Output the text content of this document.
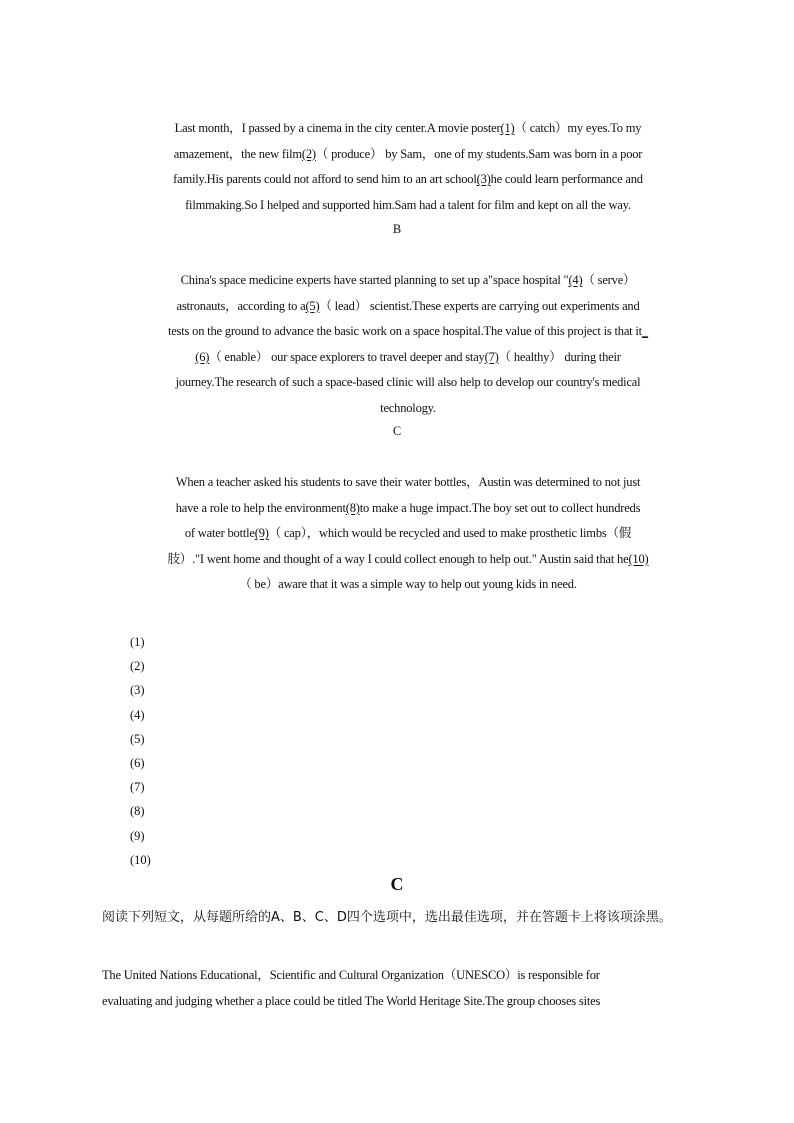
Last month，I passed by a cinema in the city center.A movie poster(1)（ catch）my eyes.To my
amazement，the new film(2)（ produce） by Sam，one of my students.Sam was born in a poor
family.His parents could not afford to send him to an art school(3)he could learn performance and
filmmaking.So I helped and supported him.Sam had a talent for film and kept on all the way.
B
China's space medicine experts have started planning to set up a"space hospital "(4)（ serve）
astronauts，according to a(5)（ lead） scientist.These experts are carrying out experiments and
tests on the ground to advance the basic work on a space hospital.The value of this project is that it_
(6)（ enable） our space explorers to travel deeper and stay(7)（ healthy） during their
journey.The research of such a space-based clinic will also help to develop our country's medical
technology.
C
When a teacher asked his students to save their water bottles，Austin was determined to not just
have a role to help the environment(8)to make a huge impact.The boy set out to collect hundreds
of water bottle(9)（ cap），which would be recycled and used to make prosthetic limbs（假
肢）."I went home and thought of a way I could collect enough to help out." Austin said that he(10)
（ be）aware that it was a simple way to help out young kids in need.
(1)
(2)
(3)
(4)
(5)
(6)
(7)
(8)
(9)
(10)
C
阅读下列短文，从每题所给的A、B、C、D四个选项中，选出最佳选项，并在答题卡上将该项涂黑。
The United Nations Educational，Scientific and Cultural Organization（UNESCO）is responsible for
evaluating and judging whether a place could be titled The World Heritage Site.The group chooses sites
